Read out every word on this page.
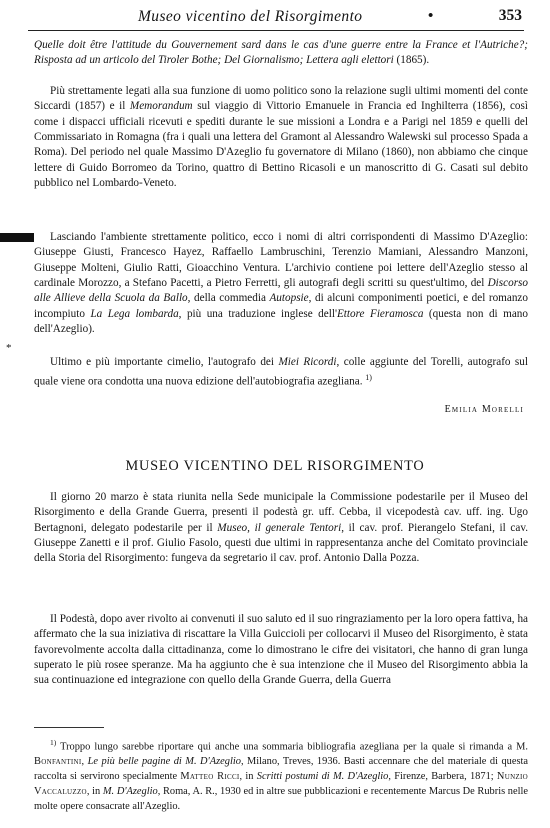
Museo vicentino del Risorgimento	•	353

Quelle doit être l'attitude du Gouvernement sard dans le cas d'une guerre entre la France et l'Autriche?; Risposta ad un articolo del Tiroler Bothe; Del Giornalismo; Lettera agli elettori (1865).

Più strettamente legati alla sua funzione di uomo politico sono la relazione sugli ultimi momenti del conte Siccardi (1857) e il Memorandum sul viaggio di Vittorio Emanuele in Francia ed Inghilterra (1856), così come i dispacci ufficiali ricevuti e spediti durante le sue missioni a Londra e a Parigi nel 1859 e quelli del Commissariato in Romagna (fra i quali una lettera del Gramont al Alessandro Walewski sul processo Spada a Roma). Del periodo nel quale Massimo D'Azeglio fu governatore di Milano (1860), non abbiamo che cinque lettere di Guido Borromeo da Torino, quattro di Bettino Ricasoli e un manoscritto di G. Casati sul debito pubblico nel Lombardo-Veneto.

Lasciando l'ambiente strettamente politico, ecco i nomi di altri corrispondenti di Massimo D'Azeglio: Giuseppe Giusti, Francesco Hayez, Raffaello Lambruschini, Terenzio Mamiani, Alessandro Manzoni, Giuseppe Molteni, Giulio Ratti, Gioacchino Ventura. L'archivio contiene poi lettere dell'Azeglio stesso al cardinale Morozzo, a Stefano Pacetti, a Pietro Ferretti, gli autografi degli scritti su quest'ultimo, del Discorso alle Allieve della Scuola da Ballo, della commedia Autopsie, di alcuni componimenti poetici, e del romanzo incompiuto La Lega lombarda, più una traduzione inglese dell'Ettore Fieramosca (questa non di mano dell'Azeglio).

*

Ultimo e più importante cimelio, l'autografo dei Miei Ricordi, colle aggiunte del Torelli, autografo sul quale viene ora condotta una nuova edizione dell'autobiografia azegliana. $^{1)}$

Emilia Morelli
MUSEO VICENTINO DEL RISORGIMENTO

Il giorno 20 marzo è stata riunita nella Sede municipale la Commissione podestarile per il Museo del Risorgimento e della Grande Guerra, presenti il podestà gr. uff. Cebba, il vicepodestà cav. uff. ing. Ugo Bertagnoni, delegato podestarile per il Museo, il generale Tentori, il cav. prof. Pierangelo Stefani, il cav. Giuseppe Zanetti e il prof. Giulio Fasolo, questi due ultimi in rappresentanza anche del Comitato provinciale della Storia del Risorgimento: fungeva da segretario il cav. prof. Antonio Dalla Pozza.

Il Podestà, dopo aver rivolto ai convenuti il suo saluto ed il suo ringraziamento per la loro opera fattiva, ha affermato che la sua iniziativa di riscattare la Villa Guiccioli per collocarvi il Museo del Risorgimento, è stata favorevolmente accolta dalla cittadinanza, come lo dimostrano le cifre dei visitatori, che hanno di gran lunga superato le più rosee speranze. Ma ha aggiunto che è sua intenzione che il Museo del Risorgimento abbia la sua continuazione ed integrazione con quello della Grande Guerra, della Guerra

$^{1)}$ Troppo lungo sarebbe riportare qui anche una sommaria bibliografia azegliana per la quale si rimanda a M. Bonfantini, Le più belle pagine di M. D'Azeglio, Milano, Treves, 1936. Basti accennare che del materiale di questa raccolta si servirono specialmente Matteo Ricci, in Scritti postumi di M. D'Azeglio, Firenze, Barbera, 1871; Nunzio Vaccaluzzo, in M. D'Azeglio, Roma, A. R., 1930 ed in altre sue pubblicazioni e recentemente Marcus De Rubris nelle molte opere consacrate all'Azeglio.
